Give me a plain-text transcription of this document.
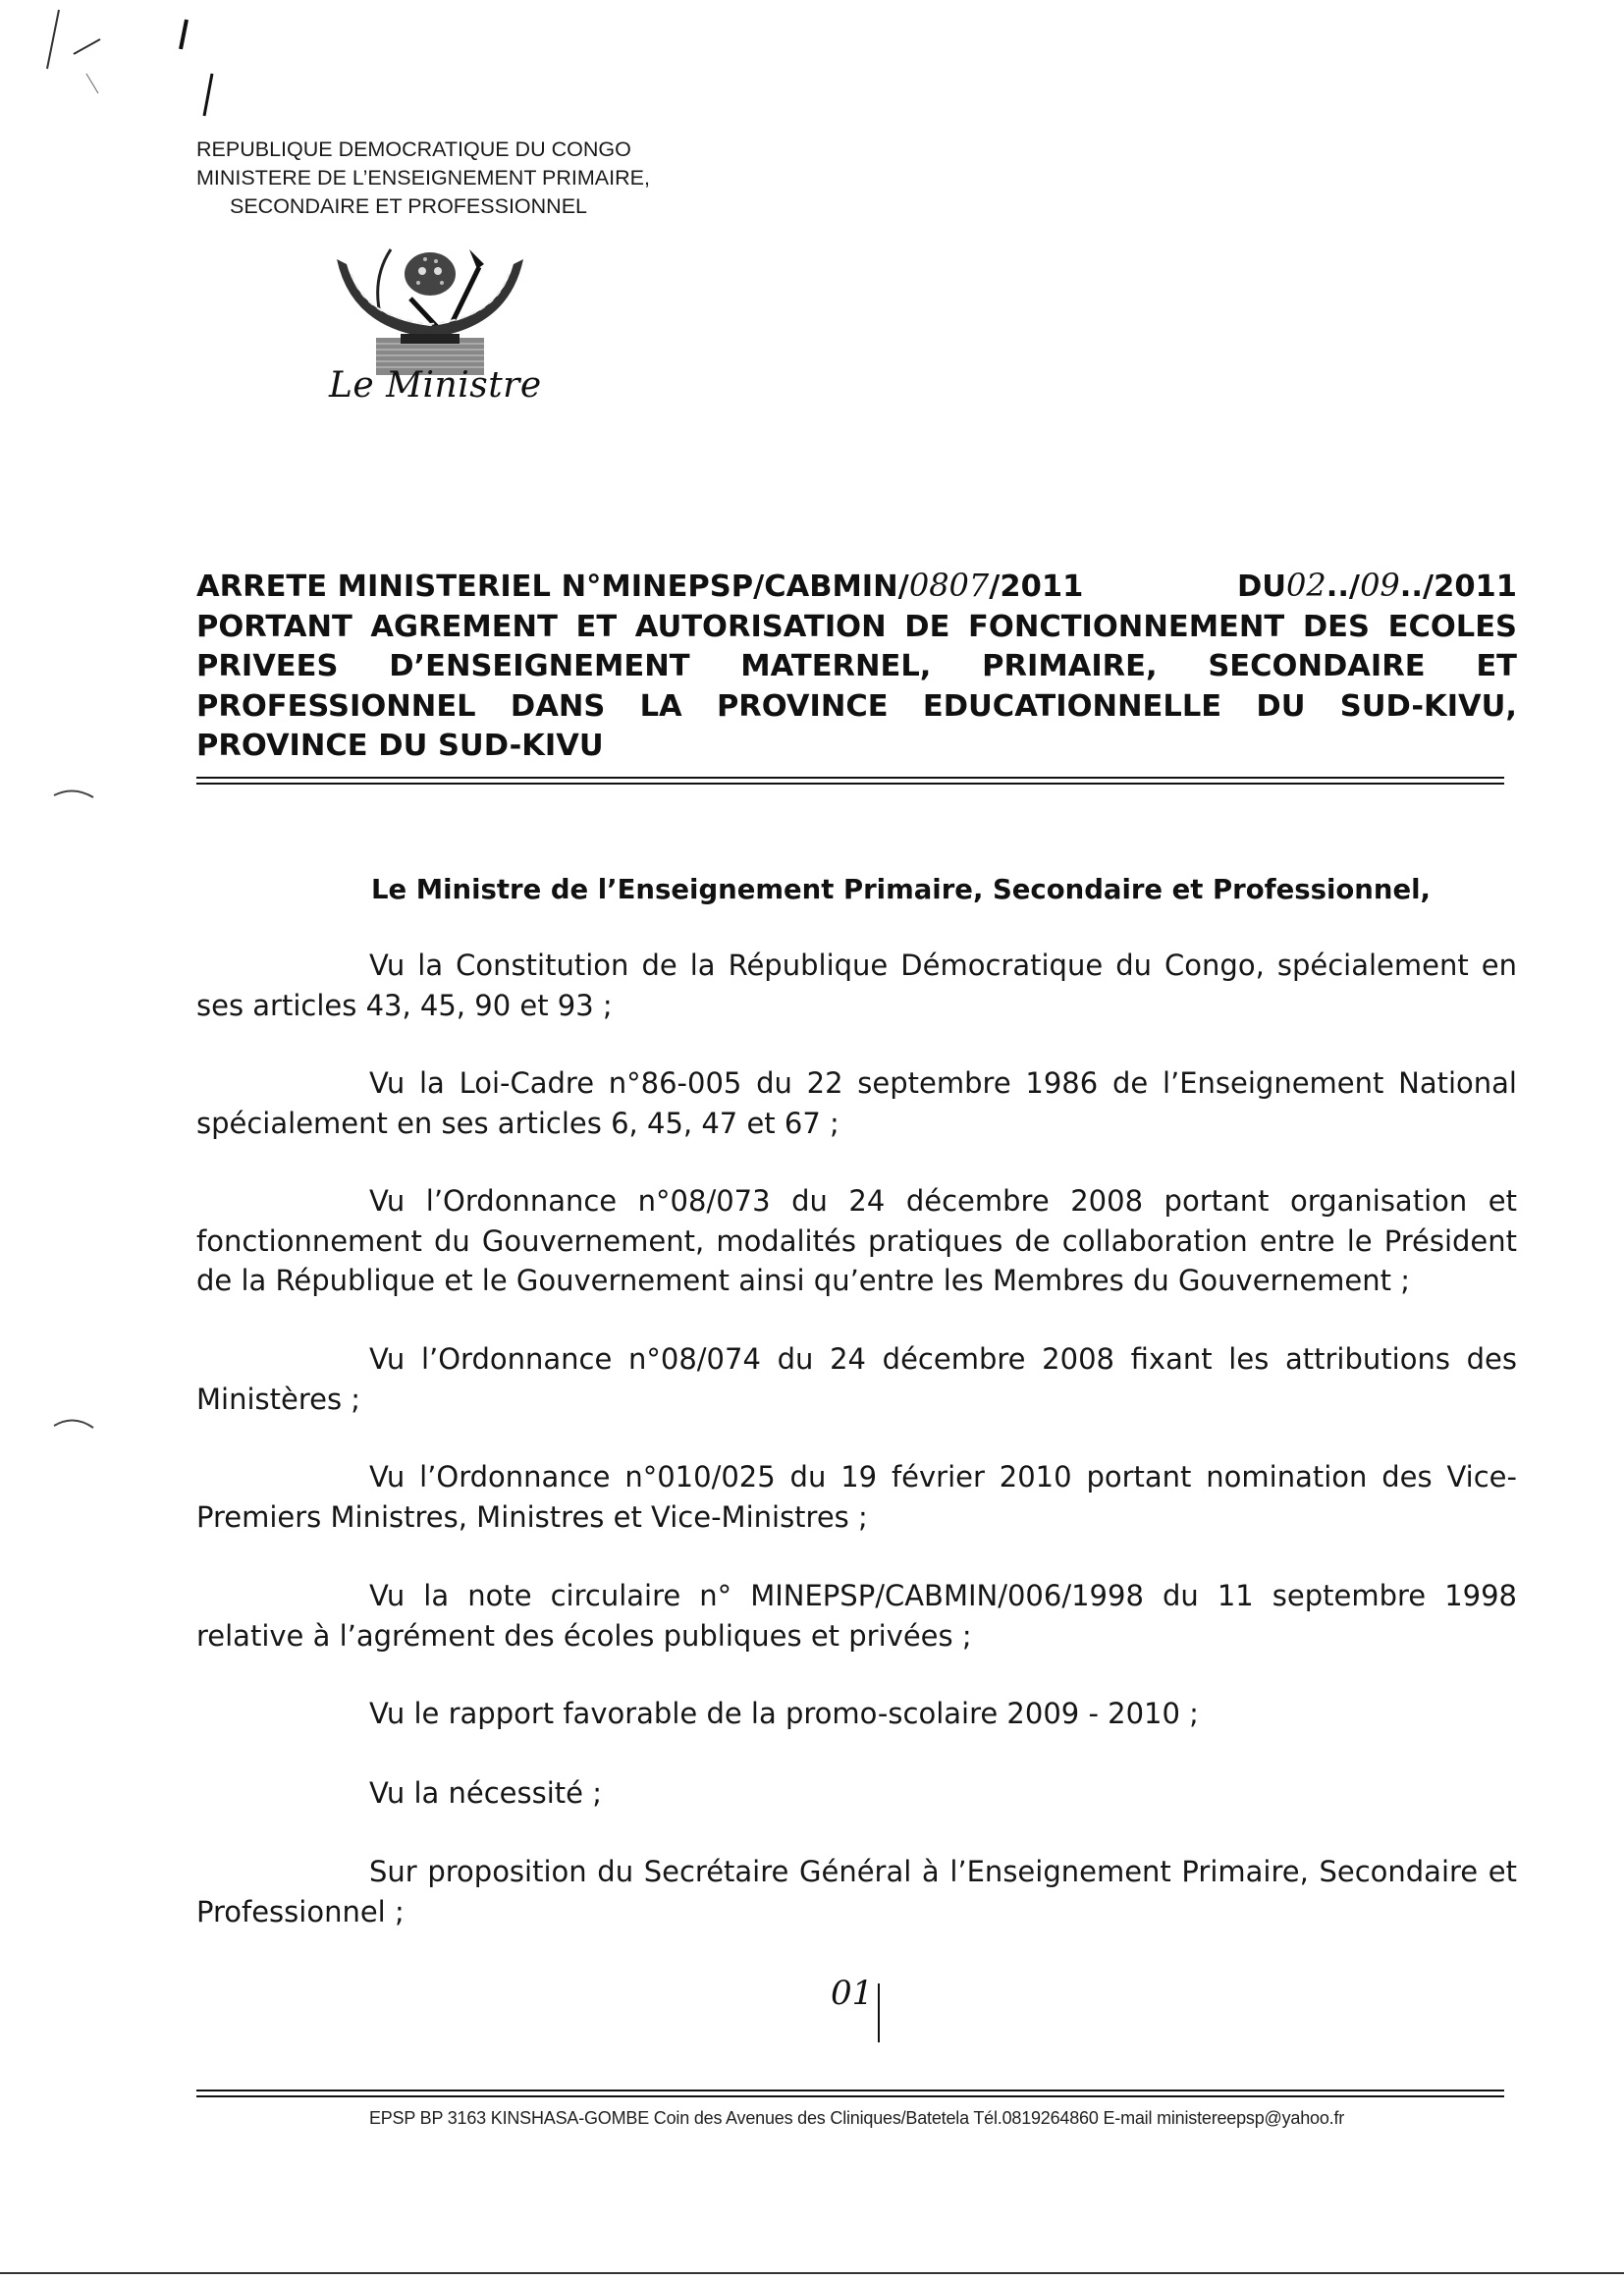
REPUBLIQUE DEMOCRATIQUE DU CONGO
MINISTERE DE L’ENSEIGNEMENT PRIMAIRE,
SECONDAIRE ET PROFESSIONNEL
Le Ministre
ARRETE MINISTERIEL N°MINEPSP/CABMIN/0807/2011	DU02../09../2011
PORTANT AGREMENT ET AUTORISATION DE FONCTIONNEMENT DES ECOLES
PRIVEES D’ENSEIGNEMENT MATERNEL, PRIMAIRE, SECONDAIRE ET
PROFESSIONNEL DANS LA PROVINCE EDUCATIONNELLE DU SUD-KIVU,
PROVINCE DU SUD-KIVU
Le Ministre de l’Enseignement Primaire, Secondaire et Professionnel,

Vu la Constitution de la République Démocratique du Congo, spécialement en ses articles 43, 45, 90 et 93 ;

Vu la Loi-Cadre n°86-005 du 22 septembre 1986 de l’Enseignement National spécialement en ses articles 6, 45, 47 et 67 ;

Vu l’Ordonnance n°08/073 du 24 décembre 2008 portant organisation et fonctionnement du Gouvernement, modalités pratiques de collaboration entre le Président de la République et le Gouvernement ainsi qu’entre les Membres du Gouvernement ;

Vu l’Ordonnance n°08/074 du 24 décembre 2008 fixant les attributions des Ministères ;

Vu l’Ordonnance n°010/025 du 19 février 2010 portant nomination des Vice-Premiers Ministres, Ministres et Vice-Ministres ;

Vu la note circulaire n° MINEPSP/CABMIN/006/1998 du 11 septembre 1998 relative à l’agrément des écoles publiques et privées ;

Vu le rapport favorable de la promo-scolaire 2009 - 2010 ;

Vu la nécessité ;

Sur proposition du Secrétaire Général à l’Enseignement Primaire, Secondaire et Professionnel ;

01
EPSP BP 3163 KINSHASA-GOMBE Coin des Avenues des Cliniques/Batetela Tél.0819264860 E-mail ministereepsp@yahoo.fr
